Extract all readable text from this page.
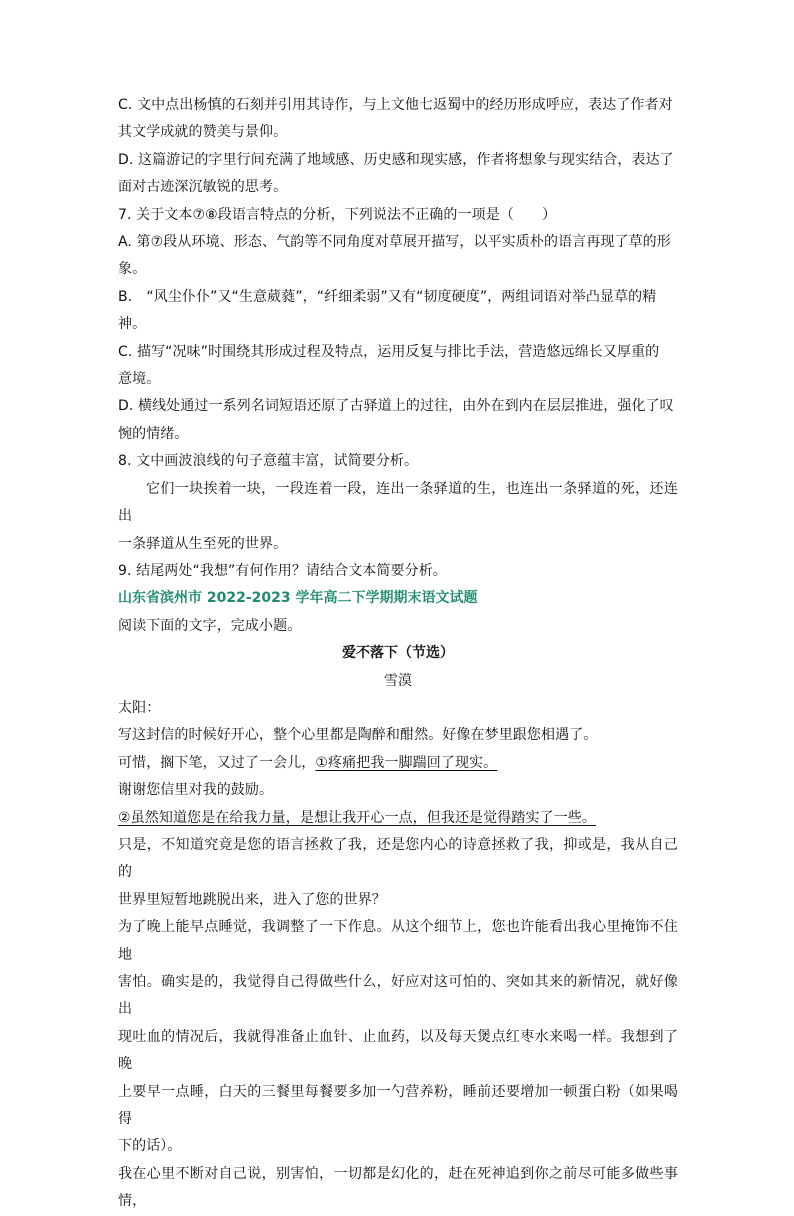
C. 文中点出杨慎的石刻并引用其诗作，与上文他七返蜀中的经历形成呼应，表达了作者对

其文学成就的赞美与景仰。

D. 这篇游记的字里行间充满了地域感、历史感和现实感，作者将想象与现实结合，表达了

面对古迹深沉敏锐的思考。

7. 关于文本⑦⑧段语言特点的分析，下列说法不正确的一项是（　　）

A. 第⑦段从环境、形态、气韵等不同角度对草展开描写，以平实质朴的语言再现了草的形

象。

B.　“风尘仆仆”又“生意葳蕤”，“纤细柔弱”又有“韧度硬度”，两组词语对举凸显草的精

神。

C. 描写“况味”时围绕其形成过程及特点，运用反复与排比手法，营造悠远绵长又厚重的

意境。

D. 横线处通过一系列名词短语还原了古驿道上的过往，由外在到内在层层推进，强化了叹

惋的情绪。

8. 文中画波浪线的句子意蕴丰富，试简要分析。

它们一块挨着一块，一段连着一段，连出一条驿道的生，也连出一条驿道的死，还连出

一条驿道从生至死的世界。

9. 结尾两处“我想”有何作用？请结合文本简要分析。

山东省滨州市 2022-2023 学年高二下学期期末语文试题

阅读下面的文字，完成小题。

爱不落下（节选）

雪漠

太阳：

写这封信的时候好开心，整个心里都是陶醉和酣然。好像在梦里跟您相遇了。

可惜，搁下笔，又过了一会儿，①疼痛把我一脚踹回了现实。

谢谢您信里对我的鼓励。

②虽然知道您是在给我力量，是想让我开心一点，但我还是觉得踏实了一些。

只是，不知道究竟是您的语言拯救了我，还是您内心的诗意拯救了我，抑或是，我从自己的

世界里短暂地跳脱出来，进入了您的世界？

为了晚上能早点睡觉，我调整了一下作息。从这个细节上，您也许能看出我心里掩饰不住地

害怕。确实是的，我觉得自己得做些什么，好应对这可怕的、突如其来的新情况，就好像出

现吐血的情况后，我就得准备止血针、止血药，以及每天煲点红枣水来喝一样。我想到了晚

上要早一点睡，白天的三餐里每餐要多加一勺营养粉，睡前还要增加一顿蛋白粉（如果喝得

下的话）。

我在心里不断对自己说，别害怕，一切都是幻化的，赶在死神追到你之前尽可能多做些事情，
